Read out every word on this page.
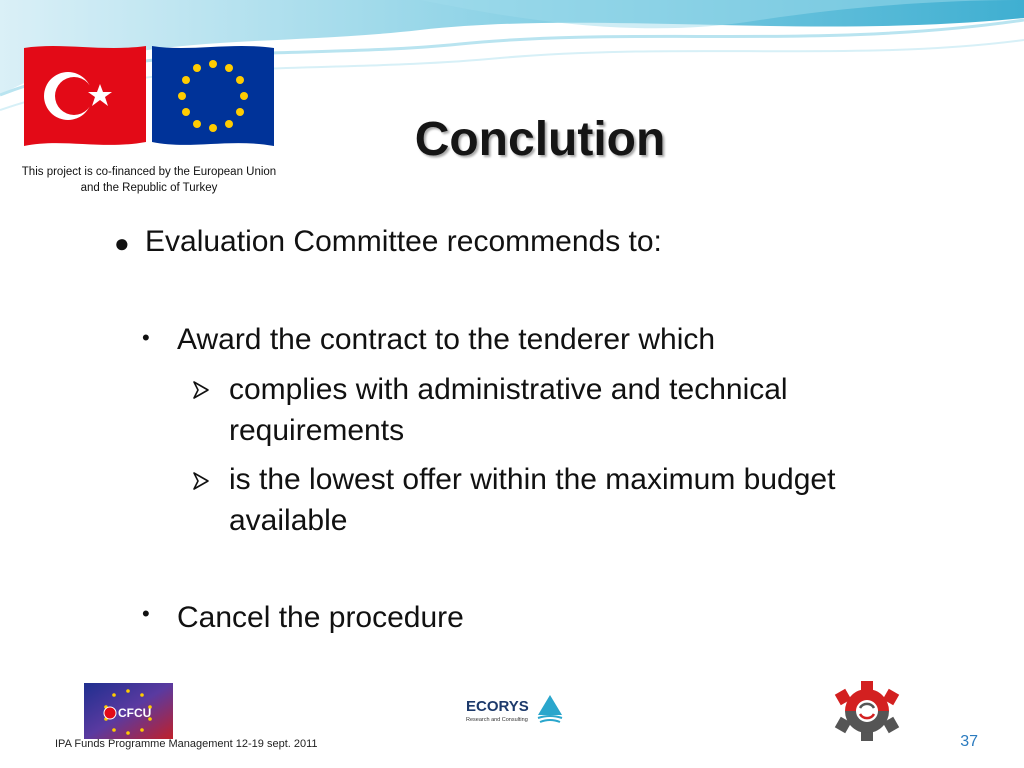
This project is co-financed by the European Union and the Republic of Turkey
Conclution
● Evaluation Committee recommends to:
• Award the contract to the tenderer which
complies with administrative and technical
requirements
is the lowest offer within the maximum budget
available
• Cancel the procedure
CFCU	ECORYS
Research and Consulting
IPA Funds Programme Management 12-19 sept. 2011	37
